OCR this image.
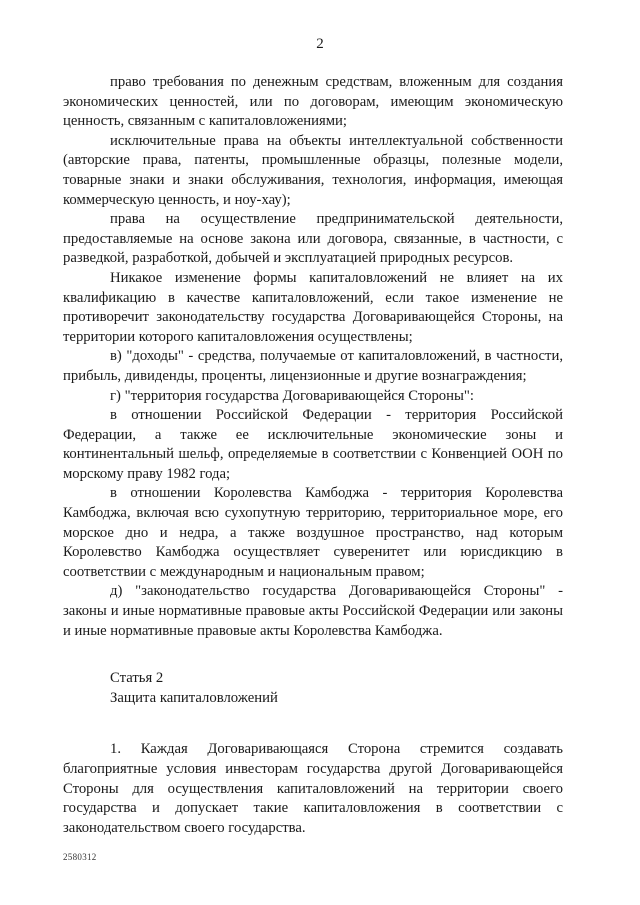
2

право требования по денежным средствам, вложенным для создания экономических ценностей, или по договорам, имеющим экономическую ценность, связанным с капиталовложениями;

исключительные права на объекты интеллектуальной собственности (авторские права, патенты, промышленные образцы, полезные модели, товарные знаки и знаки обслуживания, технология, информация, имеющая коммерческую ценность, и ноу-хау);

права на осуществление предпринимательской деятельности, предоставляемые на основе закона или договора, связанные, в частности, с разведкой, разработкой, добычей и эксплуатацией природных ресурсов.

Никакое изменение формы капиталовложений не влияет на их квалификацию в качестве капиталовложений, если такое изменение не противоречит законодательству государства Договаривающейся Стороны, на территории которого капиталовложения осуществлены;

в) "доходы" - средства, получаемые от капиталовложений, в частности, прибыль, дивиденды, проценты, лицензионные и другие вознаграждения;

г) "территория государства Договаривающейся Стороны":

в отношении Российской Федерации - территория Российской Федерации, а также ее исключительные экономические зоны и континентальный шельф, определяемые в соответствии с Конвенцией ООН по морскому праву 1982 года;

в отношении Королевства Камбоджа - территория Королевства Камбоджа, включая всю сухопутную территорию, территориальное море, его морское дно и недра, а также воздушное пространство, над которым Королевство Камбоджа осуществляет суверенитет или юрисдикцию в соответствии с международным и национальным правом;

д) "законодательство государства Договаривающейся Стороны" - законы и иные нормативные правовые акты Российской Федерации или законы и иные нормативные правовые акты Королевства Камбоджа.

Статья 2

Защита капиталовложений

1. Каждая Договаривающаяся Сторона стремится создавать благоприятные условия инвесторам государства другой Договаривающейся Стороны для осуществления капиталовложений на территории своего государства и допускает такие капиталовложения в соответствии с законодательством своего государства.

2580312
